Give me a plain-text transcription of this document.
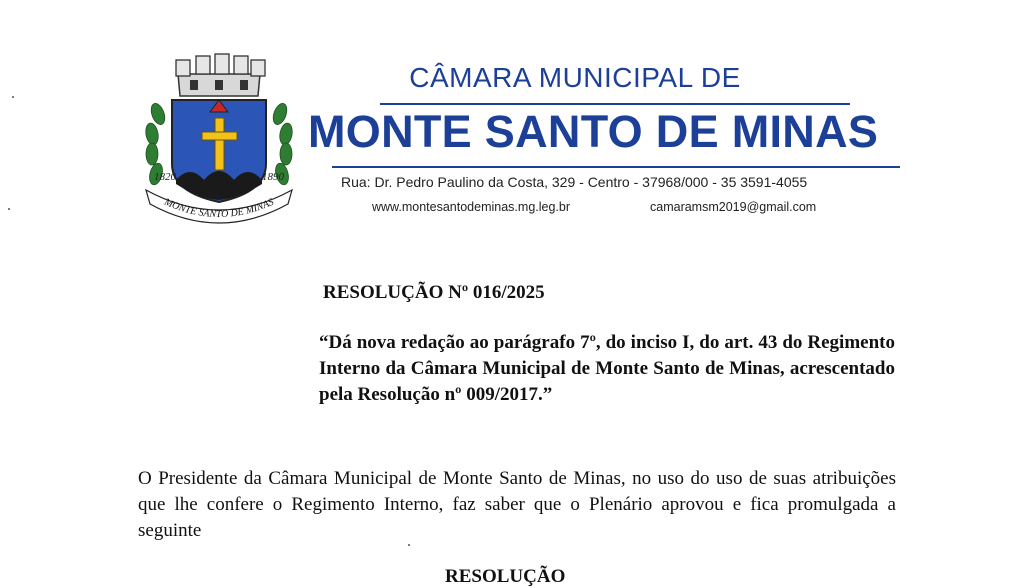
1820	1890
MONTE SANTO DE MINAS
CÂMARA MUNICIPAL DE
MONTE SANTO DE MINAS
Rua: Dr. Pedro Paulino da Costa, 329 - Centro - 37968/000 - 35 3591-4055
www.montesantodeminas.mg.leg.br	camaramsm2019@gmail.com
RESOLUÇÃO Nº 016/2025
“Dá nova redação ao parágrafo 7º, do inciso I, do art. 43 do Regimento Interno da Câmara Municipal de Monte Santo de Minas, acrescentado pela Resolução nº 009/2017.”
O Presidente da Câmara Municipal de Monte Santo de Minas, no uso do uso de suas atribuições que lhe confere o Regimento Interno, faz saber que o Plenário aprovou e fica promulgada a seguinte
RESOLUÇÃO
